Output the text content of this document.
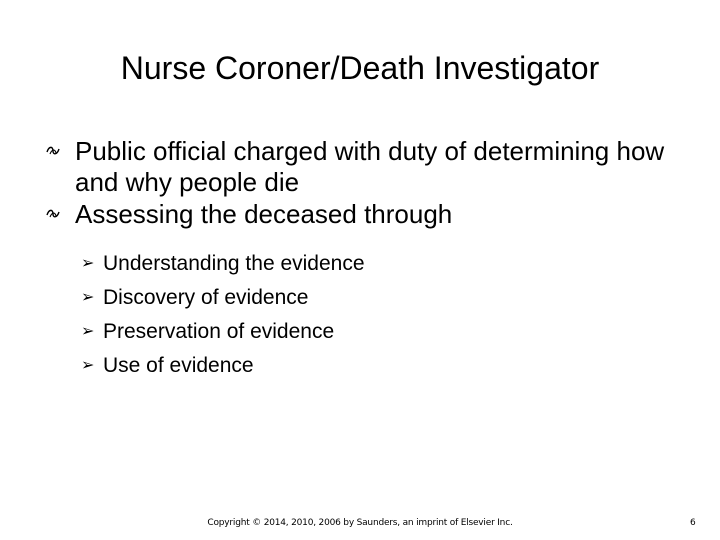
Nurse Coroner/Death Investigator
Public official charged with duty of determining how and why people die
Assessing the deceased through
➢ Understanding the evidence
➢ Discovery of evidence
➢ Preservation of evidence
➢ Use of evidence
Copyright © 2014, 2010, 2006 by Saunders, an imprint of Elsevier Inc.	6
